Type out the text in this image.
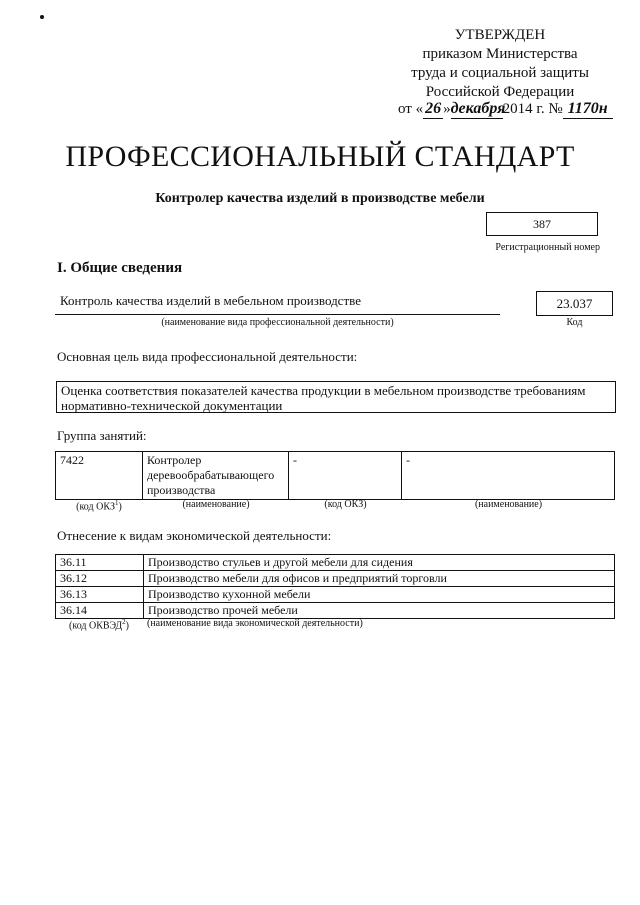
УТВЕРЖДЕН
приказом Министерства
труда и социальной защиты
Российской Федерации
от « 26 »декабря2014 г. № 1170н
ПРОФЕССИОНАЛЬНЫЙ СТАНДАРТ
Контролер качества изделий в производстве мебели
387
Регистрационный номер
I. Общие сведения
Контроль качества изделий в мебельном производстве
(наименование вида профессиональной деятельности)
23.037
Код
Основная цель вида профессиональной деятельности:
Оценка соответствия показателей качества продукции в мебельном производстве требованиям нормативно-технической документации
Группа занятий:
7422	Контролер деревообрабатывающего производства	-	-
(код ОКЗ$^1$)	(наименование)	(код ОКЗ)	(наименование)
Отнесение к видам экономической деятельности:
36.11	Производство стульев и другой мебели для сидения
36.12	Производство мебели для офисов и предприятий торговли
36.13	Производство кухонной мебели
36.14	Производство прочей мебели
(код ОКВЭД$^2$)	(наименование вида экономической деятельности)
